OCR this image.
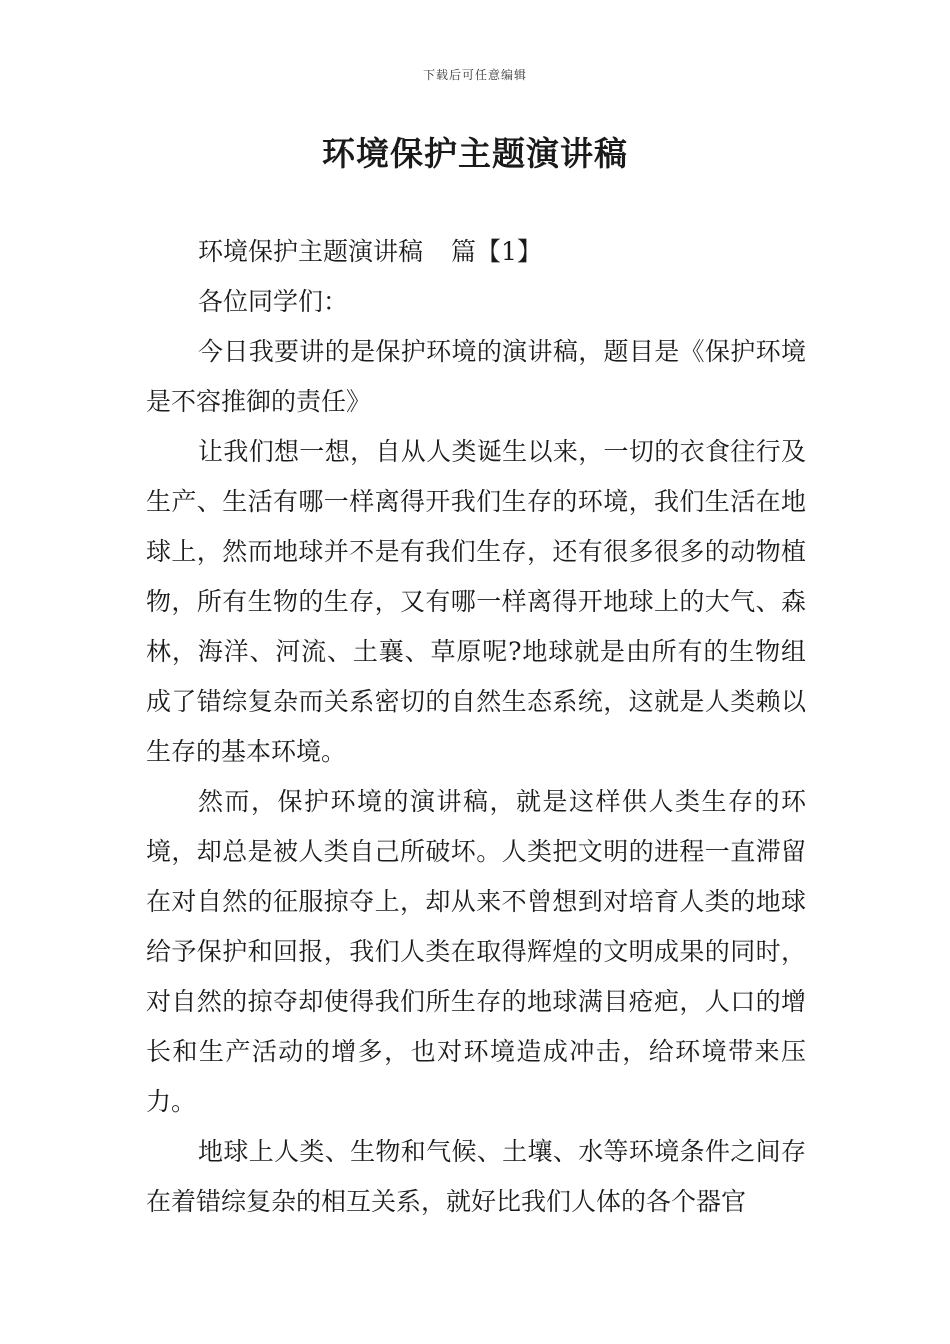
下载后可任意编辑
环境保护主题演讲稿

环境保护主题演讲稿 篇【1】

各位同学们：

今日我要讲的是保护环境的演讲稿，题目是《保护环境是不容推御的责任》

让我们想一想，自从人类诞生以来，一切的衣食往行及生产、生活有哪一样离得开我们生存的环境，我们生活在地球上，然而地球并不是有我们生存，还有很多很多的动物植物，所有生物的生存，又有哪一样离得开地球上的大气、森林，海洋、河流、土襄、草原呢?地球就是由所有的生物组成了错综复杂而关系密切的自然生态系统，这就是人类赖以生存的基本环境。

然而，保护环境的演讲稿，就是这样供人类生存的环境，却总是被人类自己所破坏。人类把文明的进程一直滞留在对自然的征服掠夺上，却从来不曾想到对培育人类的地球给予保护和回报，我们人类在取得辉煌的文明成果的同时，对自然的掠夺却使得我们所生存的地球满目疮疤，人口的增长和生产活动的增多，也对环境造成冲击，给环境带来压力。

地球上人类、生物和气候、土壤、水等环境条件之间存在着错综复杂的相互关系，就好比我们人体的各个器官
